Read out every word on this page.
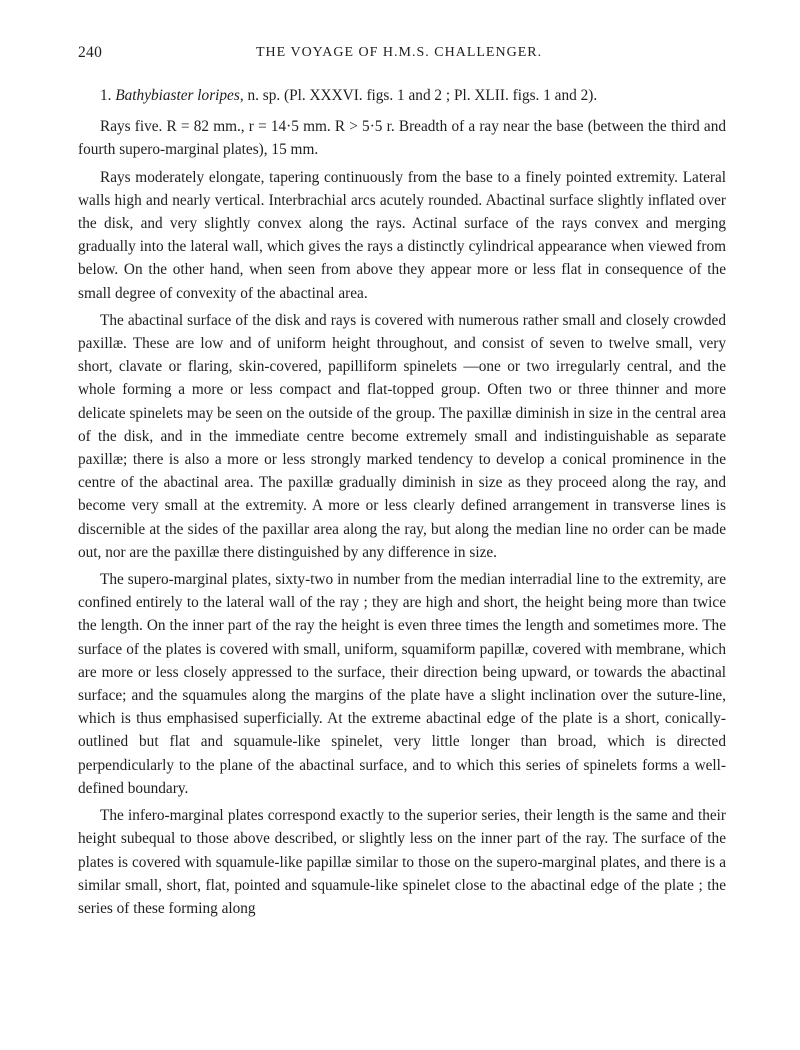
240	THE VOYAGE OF H.M.S. CHALLENGER.

1. Bathybiaster loripes, n. sp. (Pl. XXXVI. figs. 1 and 2 ; Pl. XLII. figs. 1 and 2).

Rays five. R = 82 mm., r = 14·5 mm. R > 5·5 r. Breadth of a ray near the base (between the third and fourth supero-marginal plates), 15 mm.

Rays moderately elongate, tapering continuously from the base to a finely pointed extremity. Lateral walls high and nearly vertical. Interbrachial arcs acutely rounded. Abactinal surface slightly inflated over the disk, and very slightly convex along the rays. Actinal surface of the rays convex and merging gradually into the lateral wall, which gives the rays a distinctly cylindrical appearance when viewed from below. On the other hand, when seen from above they appear more or less flat in consequence of the small degree of convexity of the abactinal area.

The abactinal surface of the disk and rays is covered with numerous rather small and closely crowded paxillæ. These are low and of uniform height throughout, and consist of seven to twelve small, very short, clavate or flaring, skin-covered, papilliform spinelets —one or two irregularly central, and the whole forming a more or less compact and flat-topped group. Often two or three thinner and more delicate spinelets may be seen on the outside of the group. The paxillæ diminish in size in the central area of the disk, and in the immediate centre become extremely small and indistinguishable as separate paxillæ; there is also a more or less strongly marked tendency to develop a conical prominence in the centre of the abactinal area. The paxillæ gradually diminish in size as they proceed along the ray, and become very small at the extremity. A more or less clearly defined arrangement in transverse lines is discernible at the sides of the paxillar area along the ray, but along the median line no order can be made out, nor are the paxillæ there distinguished by any difference in size.

The supero-marginal plates, sixty-two in number from the median interradial line to the extremity, are confined entirely to the lateral wall of the ray ; they are high and short, the height being more than twice the length. On the inner part of the ray the height is even three times the length and sometimes more. The surface of the plates is covered with small, uniform, squamiform papillæ, covered with membrane, which are more or less closely appressed to the surface, their direction being upward, or towards the abactinal surface; and the squamules along the margins of the plate have a slight inclination over the suture-line, which is thus emphasised superficially. At the extreme abactinal edge of the plate is a short, conically-outlined but flat and squamule-like spinelet, very little longer than broad, which is directed perpendicularly to the plane of the abactinal surface, and to which this series of spinelets forms a well-defined boundary.

The infero-marginal plates correspond exactly to the superior series, their length is the same and their height subequal to those above described, or slightly less on the inner part of the ray. The surface of the plates is covered with squamule-like papillæ similar to those on the supero-marginal plates, and there is a similar small, short, flat, pointed and squamule-like spinelet close to the abactinal edge of the plate ; the series of these forming along
